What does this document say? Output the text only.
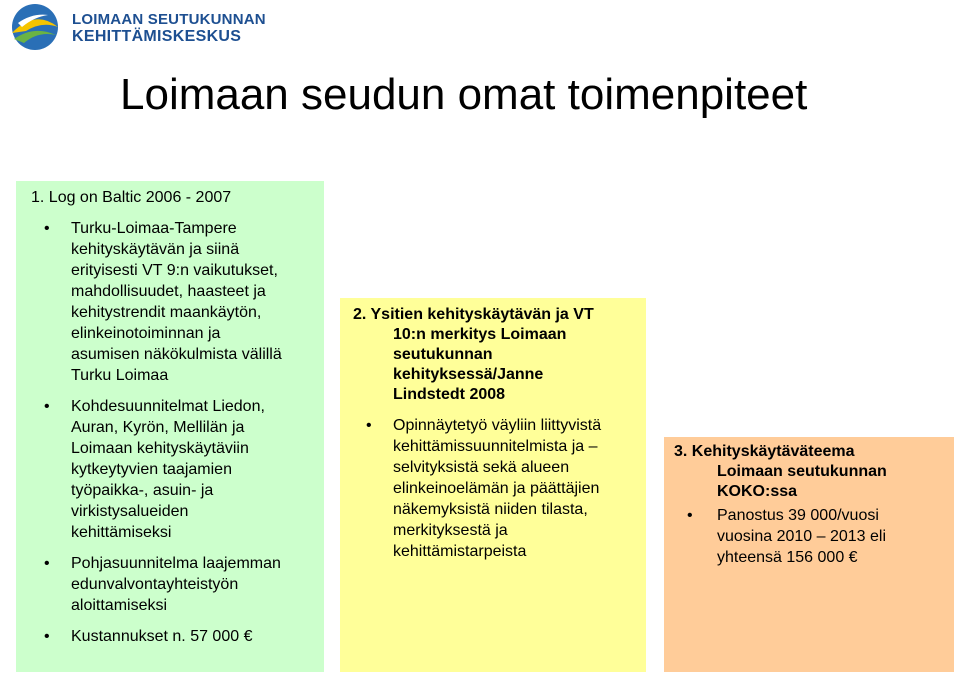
LOIMAAN SEUTUKUNNAN
KEHITTÄMISKESKUS
Loimaan seudun omat toimenpiteet
1. Log on Baltic 2006 - 2007
• Turku-Loimaa-Tampere
kehityskäytävän ja siinä
erityisesti VT 9:n vaikutukset,
mahdollisuudet, haasteet ja
kehitystrendit maankäytön,
elinkeinotoiminnan ja
asumisen näkökulmista välillä
Turku Loimaa
• Kohdesuunnitelmat Liedon,
Auran, Kyrön, Mellilän ja
Loimaan kehityskäytäviin
kytkeytyvien taajamien
työpaikka-, asuin- ja
virkistysalueiden
kehittämiseksi
• Pohjasuunnitelma laajemman
edunvalvontayhteistyön
aloittamiseksi
• Kustannukset n. 57 000 €
2. Ysitien kehityskäytävän ja VT
10:n merkitys Loimaan
seutukunnan
kehityksessä/Janne
Lindstedt 2008
• Opinnäytetyö väyliin liittyvistä
kehittämissuunnitelmista ja –
selvityksistä sekä alueen
elinkeinoelämän ja päättäjien
näkemyksistä niiden tilasta,
merkityksestä ja
kehittämistarpeista
3. Kehityskäytäväteema
Loimaan seutukunnan
KOKO:ssa
• Panostus 39 000/vuosi
vuosina 2010 – 2013 eli
yhteensä 156 000 €
